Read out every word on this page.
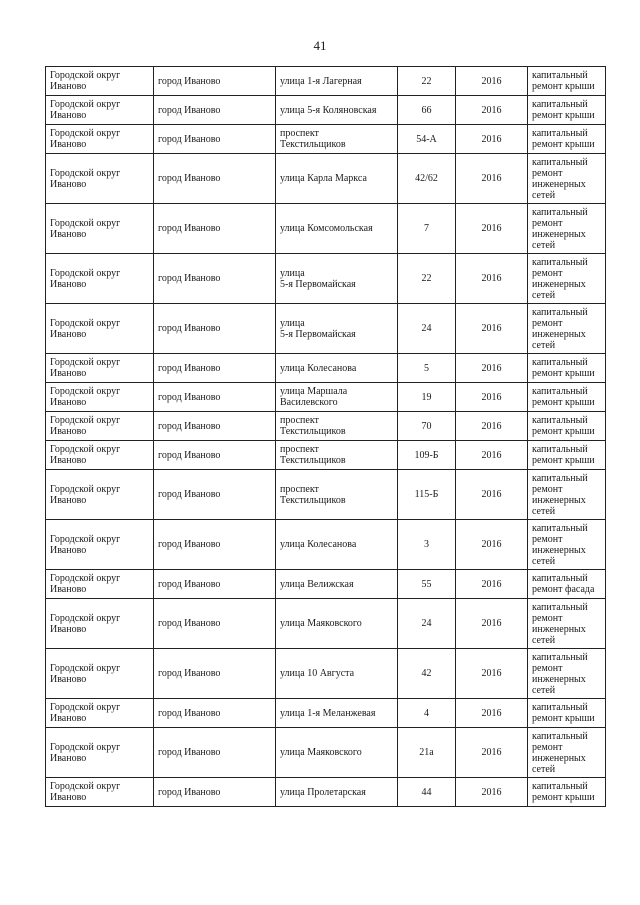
41
Городской округ
Иваново	город Иваново	улица 1-я Лагерная	22	2016	капитальный
ремонт крыши

Городской округ
Иваново	город Иваново	улица 5-я Коляновская	66	2016	капитальный
ремонт крыши

Городской округ
Иваново	город Иваново	проспект
Текстильщиков	54-А	2016	капитальный
ремонт крыши

Городской округ
Иваново	город Иваново	улица Карла Маркса	42/62	2016	капитальный
ремонт
инженерных
сетей

Городской округ
Иваново	город Иваново	улица Комсомольская	7	2016	капитальный
ремонт
инженерных
сетей

Городской округ
Иваново	город Иваново	улица
5-я Первомайская	22	2016	капитальный
ремонт
инженерных
сетей

Городской округ
Иваново	город Иваново	улица
5-я Первомайская	24	2016	капитальный
ремонт
инженерных
сетей

Городской округ
Иваново	город Иваново	улица Колесанова	5	2016	капитальный
ремонт крыши

Городской округ
Иваново	город Иваново	улица Маршала
Василевского	19	2016	капитальный
ремонт крыши

Городской округ
Иваново	город Иваново	проспект
Текстильщиков	70	2016	капитальный
ремонт крыши

Городской округ
Иваново	город Иваново	проспект
Текстильщиков	109-Б	2016	капитальный
ремонт крыши

Городской округ
Иваново	город Иваново	проспект
Текстильщиков	115-Б	2016	капитальный
ремонт
инженерных
сетей

Городской округ
Иваново	город Иваново	улица Колесанова	3	2016	капитальный
ремонт
инженерных
сетей

Городской округ
Иваново	город Иваново	улица Велижская	55	2016	капитальный
ремонт фасада

Городской округ
Иваново	город Иваново	улица Маяковского	24	2016	капитальный
ремонт
инженерных
сетей

Городской округ
Иваново	город Иваново	улица 10 Августа	42	2016	капитальный
ремонт
инженерных
сетей

Городской округ
Иваново	город Иваново	улица 1-я Меланжевая	4	2016	капитальный
ремонт крыши

Городской округ
Иваново	город Иваново	улица Маяковского	21а	2016	капитальный
ремонт
инженерных
сетей

Городской округ
Иваново	город Иваново	улица Пролетарская	44	2016	капитальный
ремонт крыши
